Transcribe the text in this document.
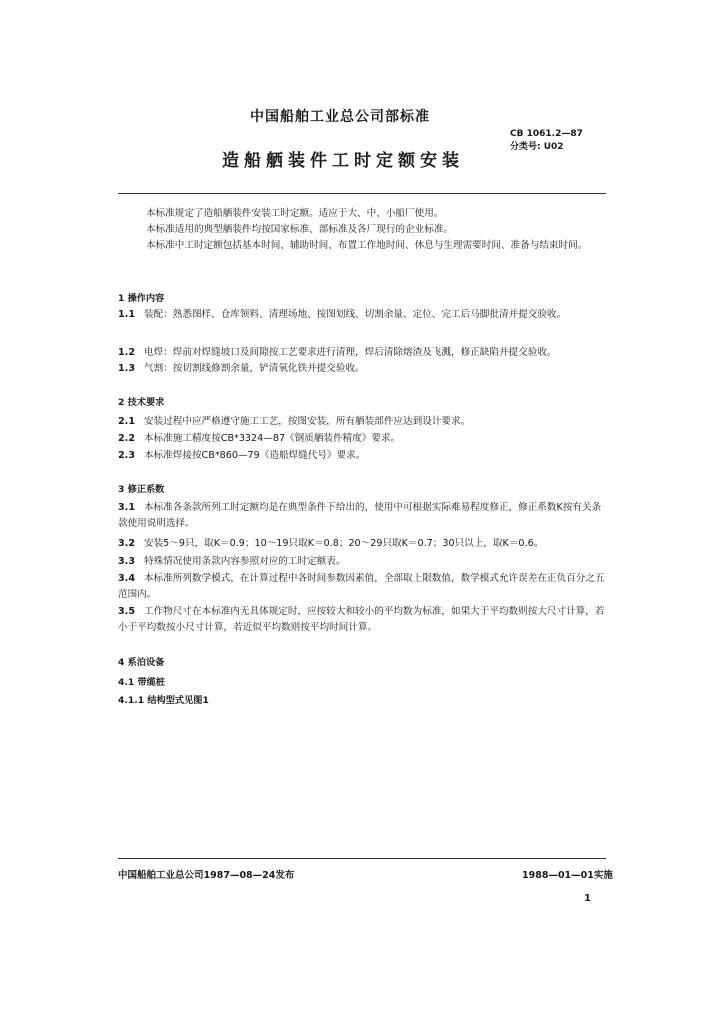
中国船舶工业总公司部标准
CB 1061.2—87
分类号: U02
造船舾装件工时定额安装

本标准规定了造船舾装件安装工时定额。适应于大、中、小船厂使用。

本标准适用的典型舾装件均按国家标准、部标准及各厂现行的企业标准。

本标准中工时定额包括基本时间、辅助时间、布置工作地时间、休息与生理需要时间、准备与结束时间。

1 操作内容
1.1 装配：熟悉图样、仓库领料、清理场地、按图划线、切割余量、定位、完工后马脚批清并提交验收。
1.2 电焊：焊前对焊缝坡口及间隙按工艺要求进行清理，焊后清除熔渣及飞溅，修正缺陷并提交验收。
1.3 气割：按切割线修割余量，铲清氧化铁并提交验收。
2 技术要求
2.1 安装过程中应严格遵守施工工艺，按图安装，所有舾装部件应达到设计要求。
2.2 本标准施工精度按CB*3324—87《钢质舾装件精度》要求。
2.3 本标准焊接按CB*860—79《造船焊缝代号》要求。
3 修正系数
3.1 本标准各条款所列工时定额均是在典型条件下给出的，使用中可根据实际难易程度修正，修正系数K按有关条款使用说明选择。
3.2 安装5～9只，取K＝0.9；10～19只取K＝0.8；20～29只取K＝0.7；30只以上，取K＝0.6。
3.3 特殊情况使用条款内容参照对应的工时定额表。
3.4 本标准所列数学模式，在计算过程中各时间参数因素值，全部取上限数值，数学模式允许误差在正负百分之五范围内。
3.5 工作物尺寸在本标准内无具体规定时，应按较大和较小的平均数为标准，如果大于平均数则按大尺寸计算，若小于平均数按小尺寸计算，若近似平均数则按平均时间计算。
4 系泊设备
4.1 带缆桩
4.1.1 结构型式见图1
中国船舶工业总公司1987—08—24发布	1988—01—01实施
1
